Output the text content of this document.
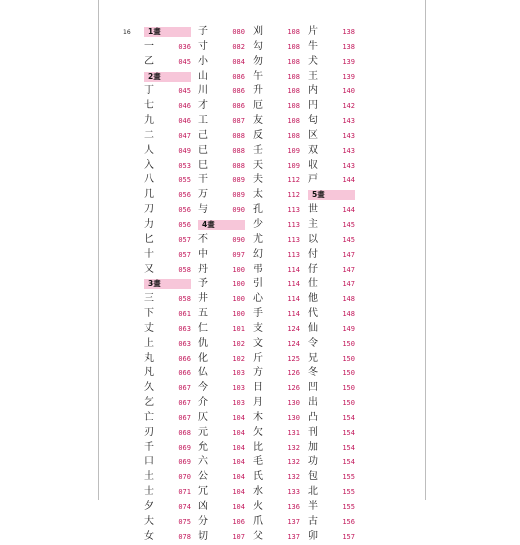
16 1畫
一	036
乙	045
2畫
丁	045
七	046
九	046
二	047
人	049
入	053
八	055
几	056
刀	056
力	056
匕	057
十	057
又	058
3畫
三	058
下	061
丈	063
上	063
丸	066
凡	066
久	067
乞	067
亡	067
刃	068
千	069
口	069
土	070
士	071
夕	074
大	075
女	078
子	080
寸	082
小	084
山	086
川	086
才	086
工	087
己	088
已	088
巳	088
干	089
万	089
与	090
4畫
不	090
中	097
丹	100
予	100
井	100
五	100
仁	101
仇	102
化	102
仏	103
今	103
介	103
仄	104
元	104
允	104
六	104
公	104
冗	104
凶	104
分	106
切	107
刈	108
勾	108
勿	108
午	108
升	108
厄	108
友	108
反	108
壬	109
天	109
夫	112
太	112
孔	113
少	113
尤	113
幻	113
弔	114
引	114
心	114
手	114
支	124
文	124
斤	125
方	126
日	126
月	130
木	130
欠	131
比	132
毛	132
氏	132
水	133
火	136
爪	137
父	137
片	138
牛	138
犬	139
王	139
内	140
円	142
匂	143
区	143
双	143
収	143
戸	144
5畫
世	144
主	145
以	145
付	147
仔	147
仕	147
他	148
代	148
仙	149
令	150
兄	150
冬	150
凹	150
出	150
凸	154
刊	154
加	154
功	154
包	155
北	155
半	155
古	156
卯	157
